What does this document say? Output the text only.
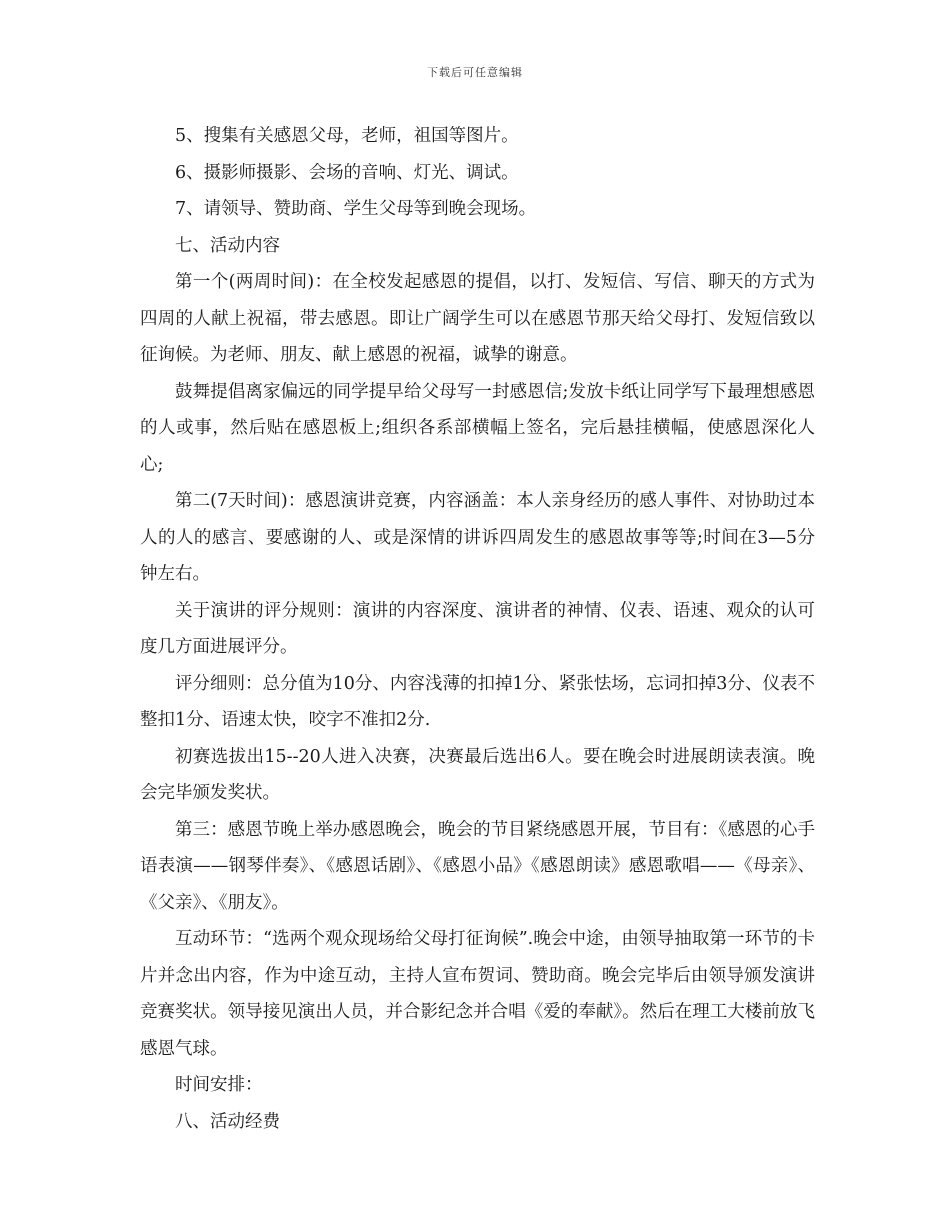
下载后可任意编辑

5、搜集有关感恩父母，老师，祖国等图片。

6、摄影师摄影、会场的音响、灯光、调试。

7、请领导、赞助商、学生父母等到晚会现场。

七、活动内容

第一个(两周时间)：在全校发起感恩的提倡，以打、发短信、写信、聊天的方式为四周的人献上祝福，带去感恩。即让广阔学生可以在感恩节那天给父母打、发短信致以征询候。为老师、朋友、献上感恩的祝福，诚挚的谢意。

鼓舞提倡离家偏远的同学提早给父母写一封感恩信;发放卡纸让同学写下最理想感恩的人或事，然后贴在感恩板上;组织各系部横幅上签名，完后悬挂横幅，使感恩深化人心;

第二(7天时间)：感恩演讲竞赛，内容涵盖：本人亲身经历的感人事件、对协助过本人的人的感言、要感谢的人、或是深情的讲诉四周发生的感恩故事等等;时间在3—5分钟左右。

关于演讲的评分规则：演讲的内容深度、演讲者的神情、仪表、语速、观众的认可度几方面进展评分。

评分细则：总分值为10分、内容浅薄的扣掉1分、紧张怯场，忘词扣掉3分、仪表不整扣1分、语速太快，咬字不准扣2分.

初赛选拔出15--20人进入决赛，决赛最后选出6人。要在晚会时进展朗读表演。晚会完毕颁发奖状。

第三：感恩节晚上举办感恩晚会，晚会的节目紧绕感恩开展，节目有：《感恩的心手语表演——钢琴伴奏》、《感恩话剧》、《感恩小品》《感恩朗读》感恩歌唱——《母亲》、《父亲》、《朋友》。

互动环节：“选两个观众现场给父母打征询候”.晚会中途，由领导抽取第一环节的卡片并念出内容，作为中途互动，主持人宣布贺词、赞助商。晚会完毕后由领导颁发演讲竞赛奖状。领导接见演出人员，并合影纪念并合唱《爱的奉献》。然后在理工大楼前放飞感恩气球。

时间安排：

八、活动经费
